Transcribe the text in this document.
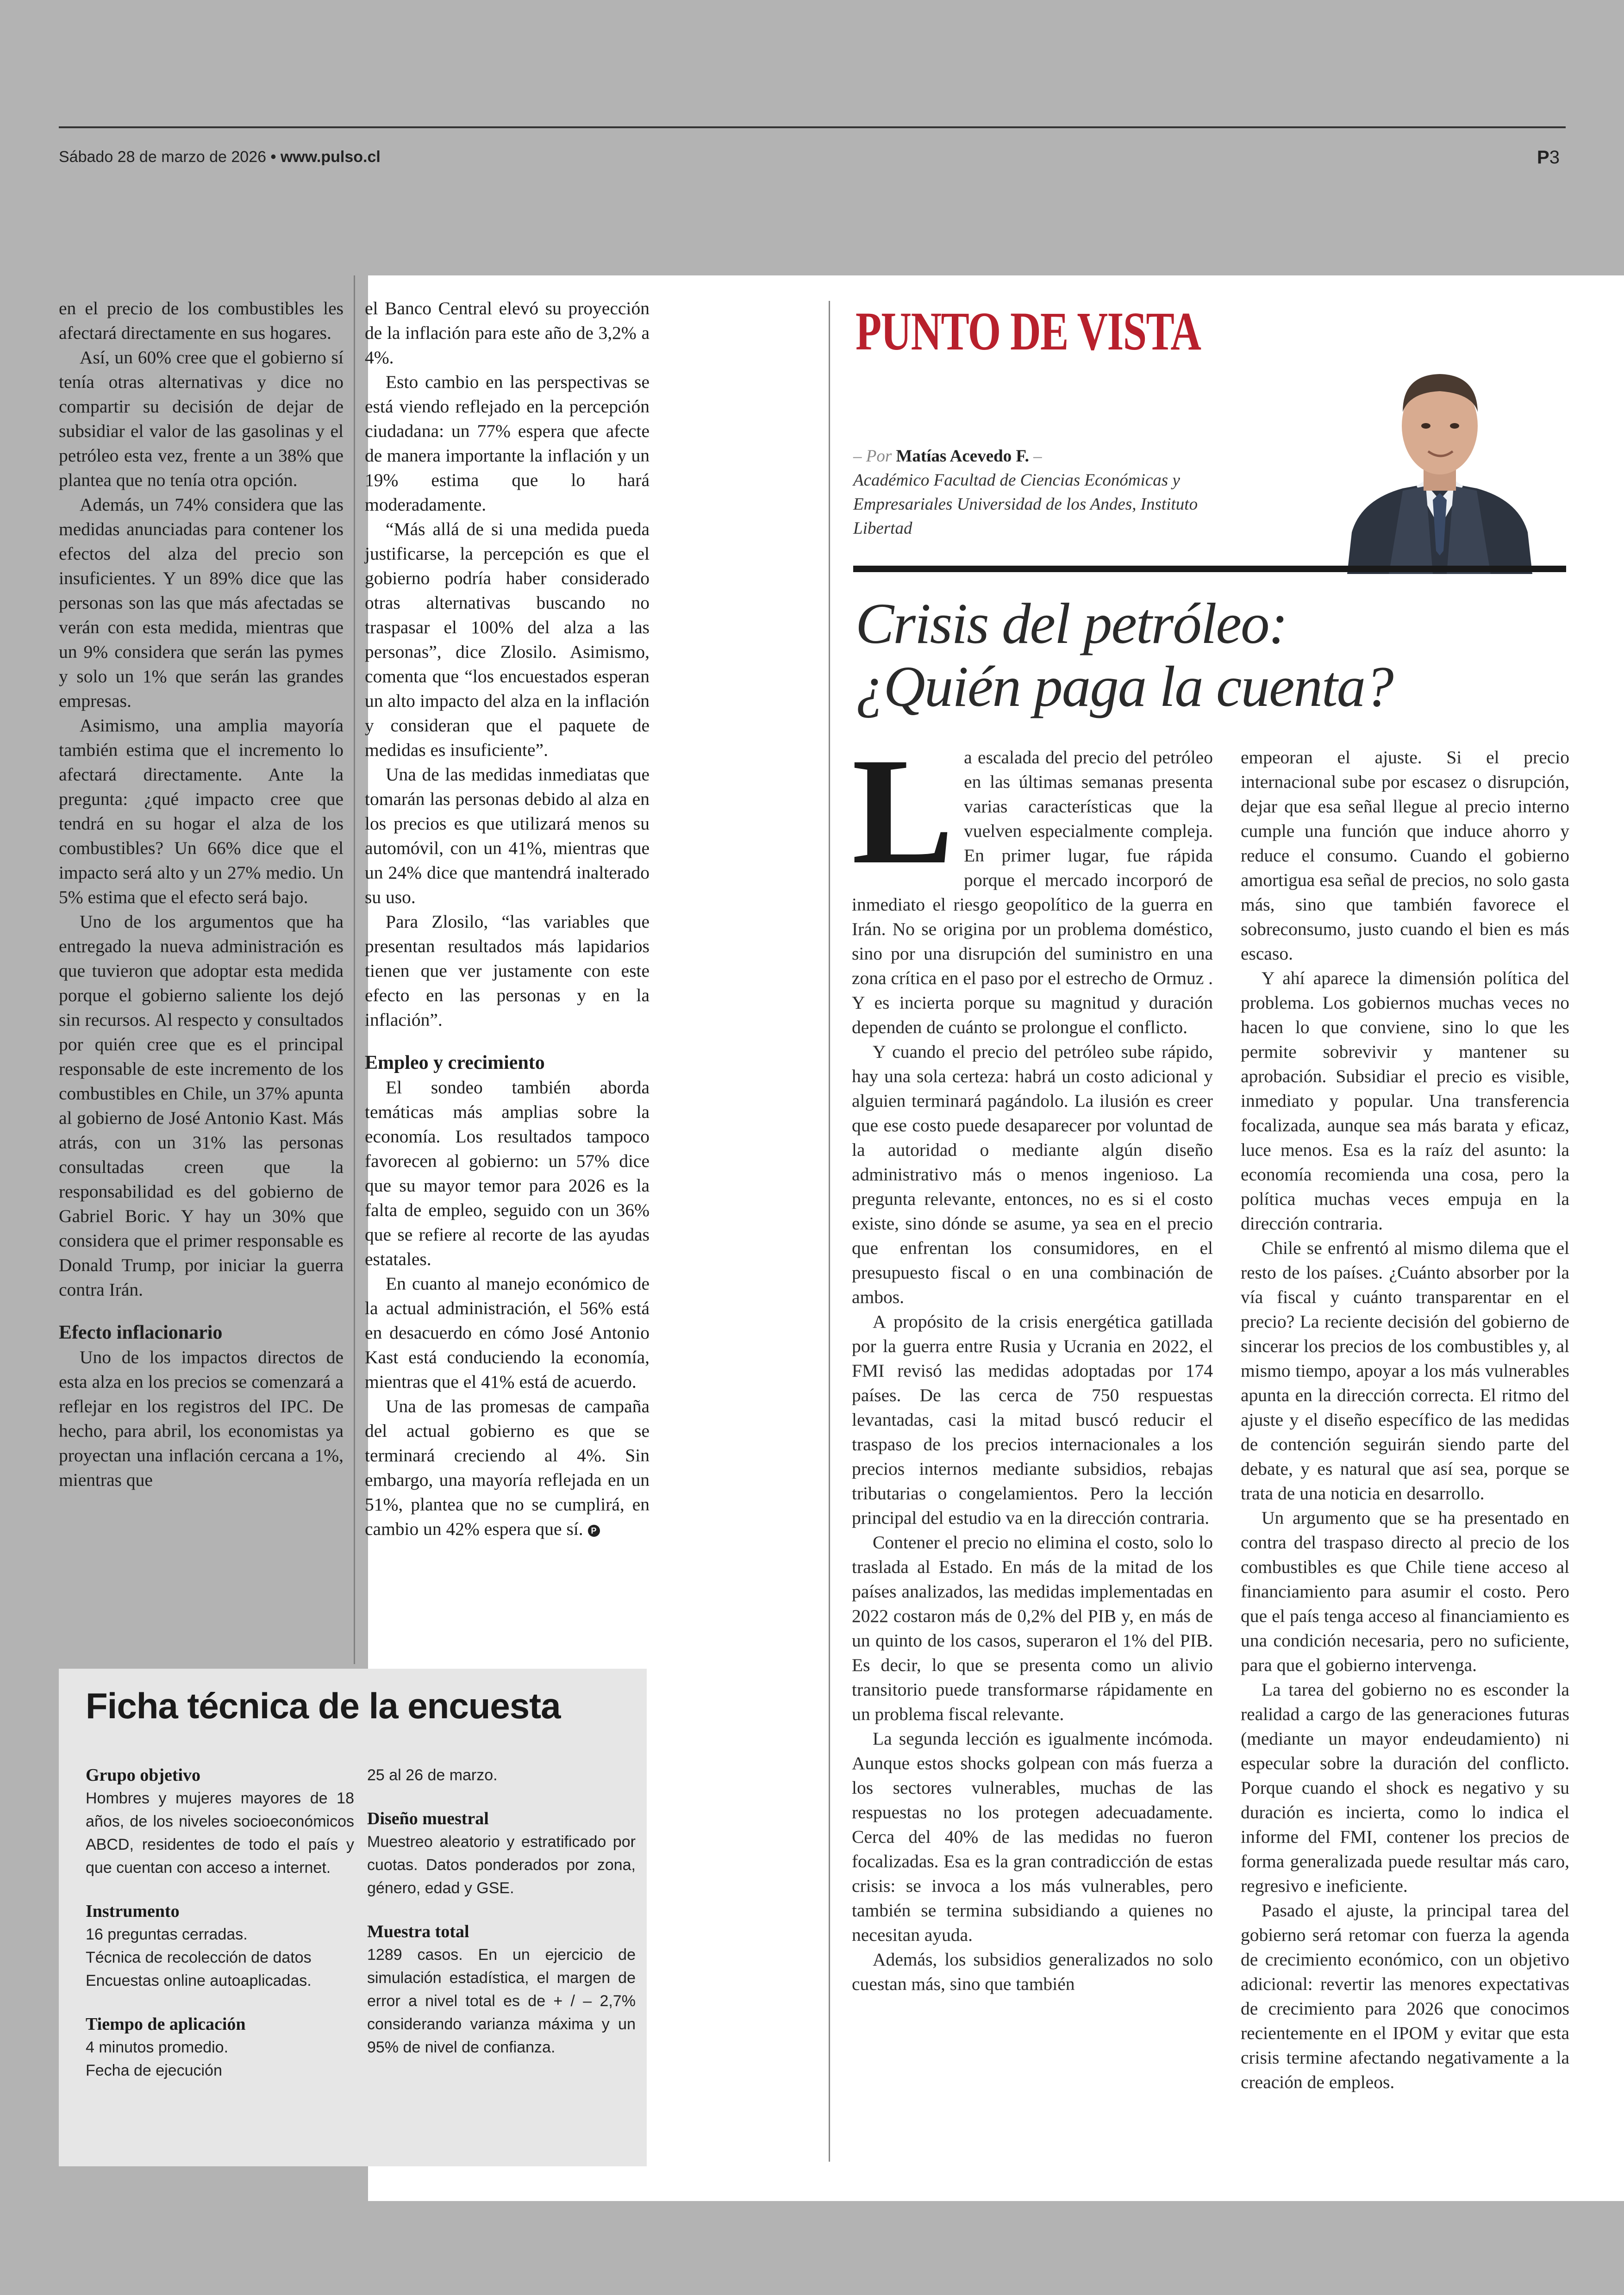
Sábado 28 de marzo de 2026 • www.pulso.cl	P3

en el precio de los combustibles les afectará directamente en sus hogares.

Así, un 60% cree que el gobierno sí tenía otras alternativas y dice no compartir su decisión de dejar de subsidiar el valor de las gasolinas y el petróleo esta vez, frente a un 38% que plantea que no tenía otra opción.

Además, un 74% considera que las medidas anunciadas para contener los efectos del alza del precio son insuficientes. Y un 89% dice que las personas son las que más afectadas se verán con esta medida, mientras que un 9% considera que serán las pymes y solo un 1% que serán las grandes empresas.

Asimismo, una amplia mayoría también estima que el incremento lo afectará directamente. Ante la pregunta: ¿qué impacto cree que tendrá en su hogar el alza de los combustibles? Un 66% dice que el impacto será alto y un 27% medio. Un 5% estima que el efecto será bajo.

Uno de los argumentos que ha entregado la nueva administración es que tuvieron que adoptar esta medida porque el gobierno saliente los dejó sin recursos. Al respecto y consultados por quién cree que es el principal responsable de este incremento de los combustibles en Chile, un 37% apunta al gobierno de José Antonio Kast. Más atrás, con un 31% las personas consultadas creen que la responsabilidad es del gobierno de Gabriel Boric. Y hay un 30% que considera que el primer responsable es Donald Trump, por iniciar la guerra contra Irán.

Efecto inflacionario

Uno de los impactos directos de esta alza en los precios se comenzará a reflejar en los registros del IPC. De hecho, para abril, los economistas ya proyectan una inflación cercana a 1%, mientras que

el Banco Central elevó su proyección de la inflación para este año de 3,2% a 4%.

Esto cambio en las perspectivas se está viendo reflejado en la percepción ciudadana: un 77% espera que afecte de manera importante la inflación y un 19% estima que lo hará moderadamente.

“Más allá de si una medida pueda justificarse, la percepción es que el gobierno podría haber considerado otras alternativas buscando no traspasar el 100% del alza a las personas”, dice Zlosilo. Asimismo, comenta que “los encuestados esperan un alto impacto del alza en la inflación y consideran que el paquete de medidas es insuficiente”.

Una de las medidas inmediatas que tomarán las personas debido al alza en los precios es que utilizará menos su automóvil, con un 41%, mientras que un 24% dice que mantendrá inalterado su uso.

Para Zlosilo, “las variables que presentan resultados más lapidarios tienen que ver justamente con este efecto en las personas y en la inflación”.

Empleo y crecimiento

El sondeo también aborda temáticas más amplias sobre la economía. Los resultados tampoco favorecen al gobierno: un 57% dice que su mayor temor para 2026 es la falta de empleo, seguido con un 36% que se refiere al recorte de las ayudas estatales.

En cuanto al manejo económico de la actual administración, el 56% está en desacuerdo en cómo José Antonio Kast está conduciendo la economía, mientras que el 41% está de acuerdo.

Una de las promesas de campaña del actual gobierno es que se terminará creciendo al 4%. Sin embargo, una mayoría reflejada en un 51%, plantea que no se cumplirá, en cambio un 42% espera que sí. P

Ficha técnica de la encuesta
Grupo objetivo
Hombres y mujeres mayores de 18 años, de los niveles socioeconómicos ABCD, residentes de todo el país y que cuentan con acceso a internet.
Instrumento
16 preguntas cerradas.
Técnica de recolección de datos
Encuestas online autoaplicadas.
Tiempo de aplicación
4 minutos promedio.
Fecha de ejecución
25 al 26 de marzo.
Diseño muestral
Muestreo aleatorio y estratificado por cuotas. Datos ponderados por zona, género, edad y GSE.
Muestra total
1289 casos. En un ejercicio de simulación estadística, el margen de error a nivel total es de + / – 2,7% considerando varianza máxima y un 95% de nivel de confianza.
PUNTO DE VISTA
– Por Matías Acevedo F. –
Académico Facultad de Ciencias Económicas y Empresariales Universidad de los Andes, Instituto Libertad
Crisis del petróleo:
¿Quién paga la cuenta?

La escalada del precio del petróleo en las últimas semanas presenta varias características que la vuelven especialmente compleja. En primer lugar, fue rápida porque el mercado incorporó de inmediato el riesgo geopolítico de la guerra en Irán. No se origina por un problema doméstico, sino por una disrupción del suministro en una zona crítica en el paso por el estrecho de Ormuz . Y es incierta porque su magnitud y duración dependen de cuánto se prolongue el conflicto.

Y cuando el precio del petróleo sube rápido, hay una sola certeza: habrá un costo adicional y alguien terminará pagándolo. La ilusión es creer que ese costo puede desaparecer por voluntad de la autoridad o mediante algún diseño administrativo más o menos ingenioso. La pregunta relevante, entonces, no es si el costo existe, sino dónde se asume, ya sea en el precio que enfrentan los consumidores, en el presupuesto fiscal o en una combinación de ambos.

A propósito de la crisis energética gatillada por la guerra entre Rusia y Ucrania en 2022, el FMI revisó las medidas adoptadas por 174 países. De las cerca de 750 respuestas levantadas, casi la mitad buscó reducir el traspaso de los precios internacionales a los precios internos mediante subsidios, rebajas tributarias o congelamientos. Pero la lección principal del estudio va en la dirección contraria.

Contener el precio no elimina el costo, solo lo traslada al Estado. En más de la mitad de los países analizados, las medidas implementadas en 2022 costaron más de 0,2% del PIB y, en más de un quinto de los casos, superaron el 1% del PIB. Es decir, lo que se presenta como un alivio transitorio puede transformarse rápidamente en un problema fiscal relevante.

La segunda lección es igualmente incómoda. Aunque estos shocks golpean con más fuerza a los sectores vulnerables, muchas de las respuestas no los protegen adecuadamente. Cerca del 40% de las medidas no fueron focalizadas. Esa es la gran contradicción de estas crisis: se invoca a los más vulnerables, pero también se termina subsidiando a quienes no necesitan ayuda.

Además, los subsidios generalizados no solo cuestan más, sino que también

empeoran el ajuste. Si el precio internacional sube por escasez o disrupción, dejar que esa señal llegue al precio interno cumple una función que induce ahorro y reduce el consumo. Cuando el gobierno amortigua esa señal de precios, no solo gasta más, sino que también favorece el sobreconsumo, justo cuando el bien es más escaso.

Y ahí aparece la dimensión política del problema. Los gobiernos muchas veces no hacen lo que conviene, sino lo que les permite sobrevivir y mantener su aprobación. Subsidiar el precio es visible, inmediato y popular. Una transferencia focalizada, aunque sea más barata y eficaz, luce menos. Esa es la raíz del asunto: la economía recomienda una cosa, pero la política muchas veces empuja en la dirección contraria.

Chile se enfrentó al mismo dilema que el resto de los países. ¿Cuánto absorber por la vía fiscal y cuánto transparentar en el precio? La reciente decisión del gobierno de sincerar los precios de los combustibles y, al mismo tiempo, apoyar a los más vulnerables apunta en la dirección correcta. El ritmo del ajuste y el diseño específico de las medidas de contención seguirán siendo parte del debate, y es natural que así sea, porque se trata de una noticia en desarrollo.

Un argumento que se ha presentado en contra del traspaso directo al precio de los combustibles es que Chile tiene acceso al financiamiento para asumir el costo. Pero que el país tenga acceso al financiamiento es una condición necesaria, pero no suficiente, para que el gobierno intervenga.

La tarea del gobierno no es esconder la realidad a cargo de las generaciones futuras (mediante un mayor endeudamiento) ni especular sobre la duración del conflicto. Porque cuando el shock es negativo y su duración es incierta, como lo indica el informe del FMI, contener los precios de forma generalizada puede resultar más caro, regresivo e ineficiente.

Pasado el ajuste, la principal tarea del gobierno será retomar con fuerza la agenda de crecimiento económico, con un objetivo adicional: revertir las menores expectativas de crecimiento para 2026 que conocimos recientemente en el IPOM y evitar que esta crisis termine afectando negativamente a la creación de empleos.
